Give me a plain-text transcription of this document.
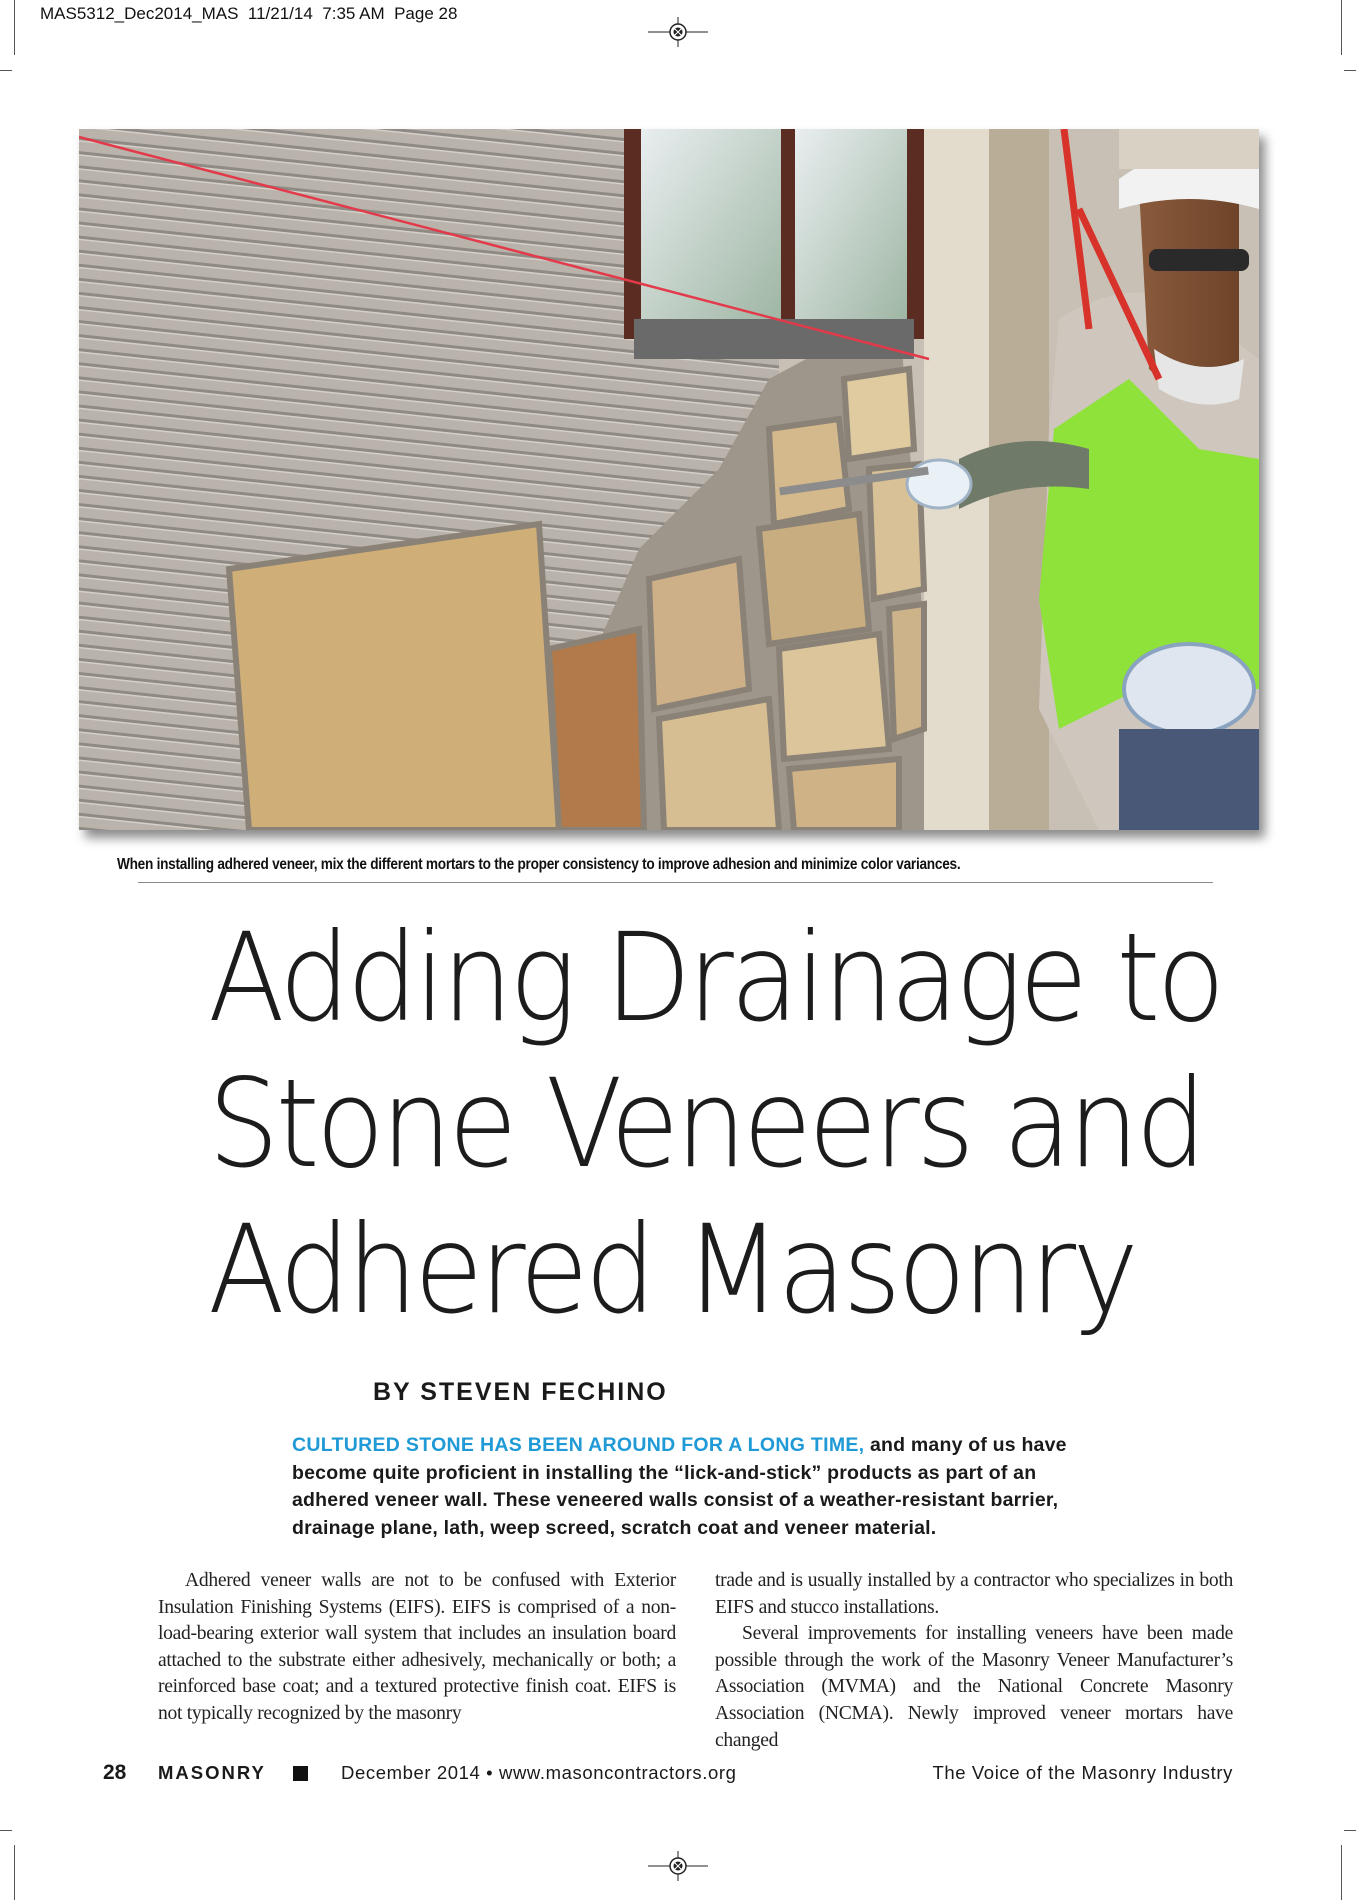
MAS5312_Dec2014_MAS  11/21/14  7:35 AM  Page 28
When installing adhered veneer, mix the different mortars to the proper consistency to improve adhesion and minimize color variances.
Adding Drainage to
Stone Veneers and
Adhered Masonry
BY STEVEN FECHINO
CULTURED STONE HAS BEEN AROUND FOR A LONG TIME, and many of us have become quite proficient in installing the “lick-and-stick” products as part of an adhered veneer wall. These veneered walls consist of a weather-resistant barrier, drainage plane, lath, weep screed, scratch coat and veneer material.

Adhered veneer walls are not to be confused with Exterior Insulation Finishing Systems (EIFS). EIFS is comprised of a non-load-bearing exterior wall system that includes an insulation board attached to the substrate either adhesively, mechanically or both; a reinforced base coat; and a textured protective finish coat. EIFS is not typically recognized by the masonry

trade and is usually installed by a contractor who specializes in both EIFS and stucco installations.

Several improvements for installing veneers have been made possible through the work of the Masonry Veneer Manufacturer’s Association (MVMA) and the National Concrete Masonry Association (NCMA). Newly improved veneer mortars have changed

28 MASONRY	December 2014 • www.masoncontractors.org	The Voice of the Masonry Industry
